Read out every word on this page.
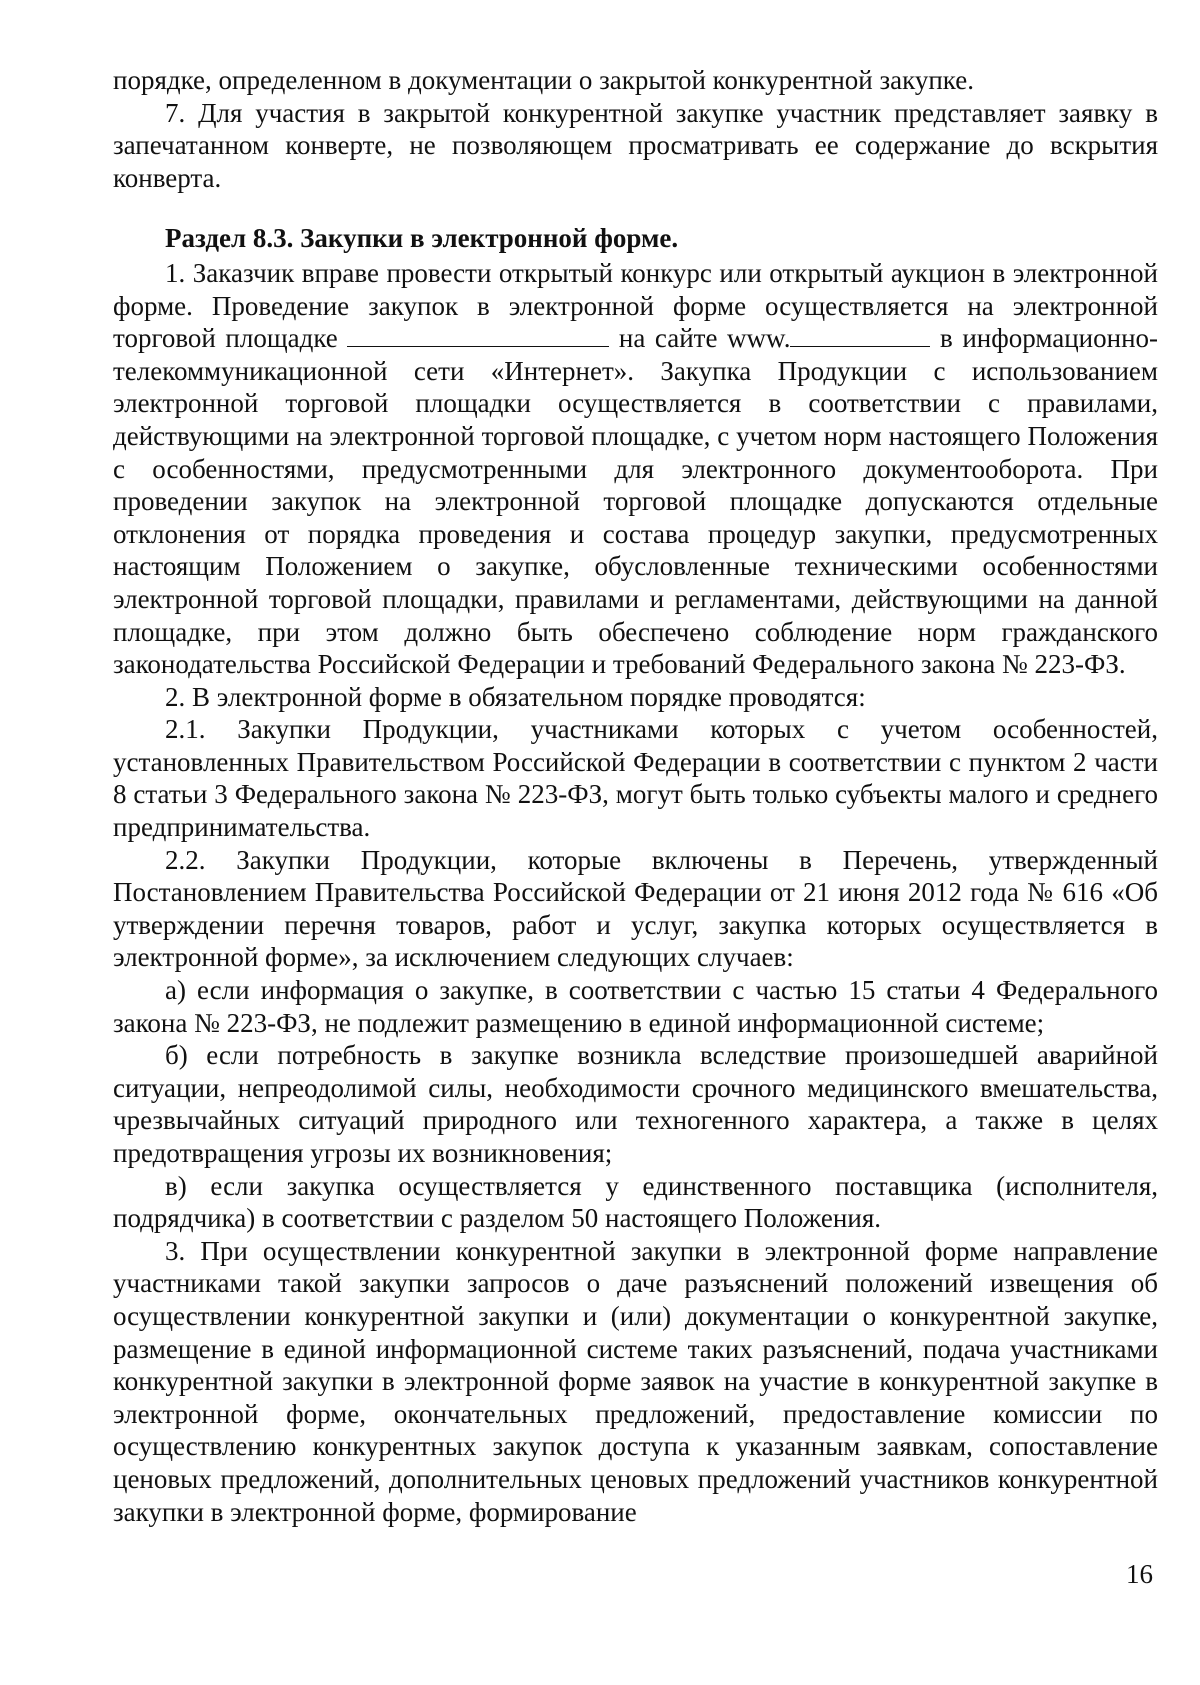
порядке, определенном в документации о закрытой конкурентной закупке.

7. Для участия в закрытой конкурентной закупке участник представляет заявку в запечатанном конверте, не позволяющем просматривать ее содержание до вскрытия конверта.

Раздел 8.3. Закупки в электронной форме.

1. Заказчик вправе провести открытый конкурс или открытый аукцион в электронной форме. Проведение закупок в электронной форме осуществляется на электронной торговой площадке	на сайте www.	в информационно-телекоммуникационной сети «Интернет». Закупка Продукции с использованием электронной торговой площадки осуществляется в соответствии с правилами, действующими на электронной торговой площадке, с учетом норм настоящего Положения с особенностями, предусмотренными для электронного документооборота. При проведении закупок на электронной торговой площадке допускаются отдельные отклонения от порядка проведения и состава процедур закупки, предусмотренных настоящим Положением о закупке, обусловленные техническими особенностями электронной торговой площадки, правилами и регламентами, действующими на данной площадке, при этом должно быть обеспечено соблюдение норм гражданского законодательства Российской Федерации и требований Федерального закона № 223-ФЗ.

2. В электронной форме в обязательном порядке проводятся:

2.1. Закупки Продукции, участниками которых с учетом особенностей, установленных Правительством Российской Федерации в соответствии с пунктом 2 части 8 статьи 3 Федерального закона № 223-ФЗ, могут быть только субъекты малого и среднего предпринимательства.

2.2. Закупки Продукции, которые включены в Перечень, утвержденный Постановлением Правительства Российской Федерации от 21 июня 2012 года № 616 «Об утверждении перечня товаров, работ и услуг, закупка которых осуществляется в электронной форме», за исключением следующих случаев:

а) если информация о закупке, в соответствии с частью 15 статьи 4 Федерального закона № 223-ФЗ, не подлежит размещению в единой информационной системе;

б) если потребность в закупке возникла вследствие произошедшей аварийной ситуации, непреодолимой силы, необходимости срочного медицинского вмешательства, чрезвычайных ситуаций природного или техногенного характера, а также в целях предотвращения угрозы их возникновения;

в) если закупка осуществляется у единственного поставщика (исполнителя, подрядчика) в соответствии с разделом 50 настоящего Положения.

3. При осуществлении конкурентной закупки в электронной форме направление участниками такой закупки запросов о даче разъяснений положений извещения об осуществлении конкурентной закупки и (или) документации о конкурентной закупке, размещение в единой информационной системе таких разъяснений, подача участниками конкурентной закупки в электронной форме заявок на участие в конкурентной закупке в электронной форме, окончательных предложений, предоставление комиссии по осуществлению конкурентных закупок доступа к указанным заявкам, сопоставление ценовых предложений, дополнительных ценовых предложений участников конкурентной закупки в электронной форме, формирование

16
